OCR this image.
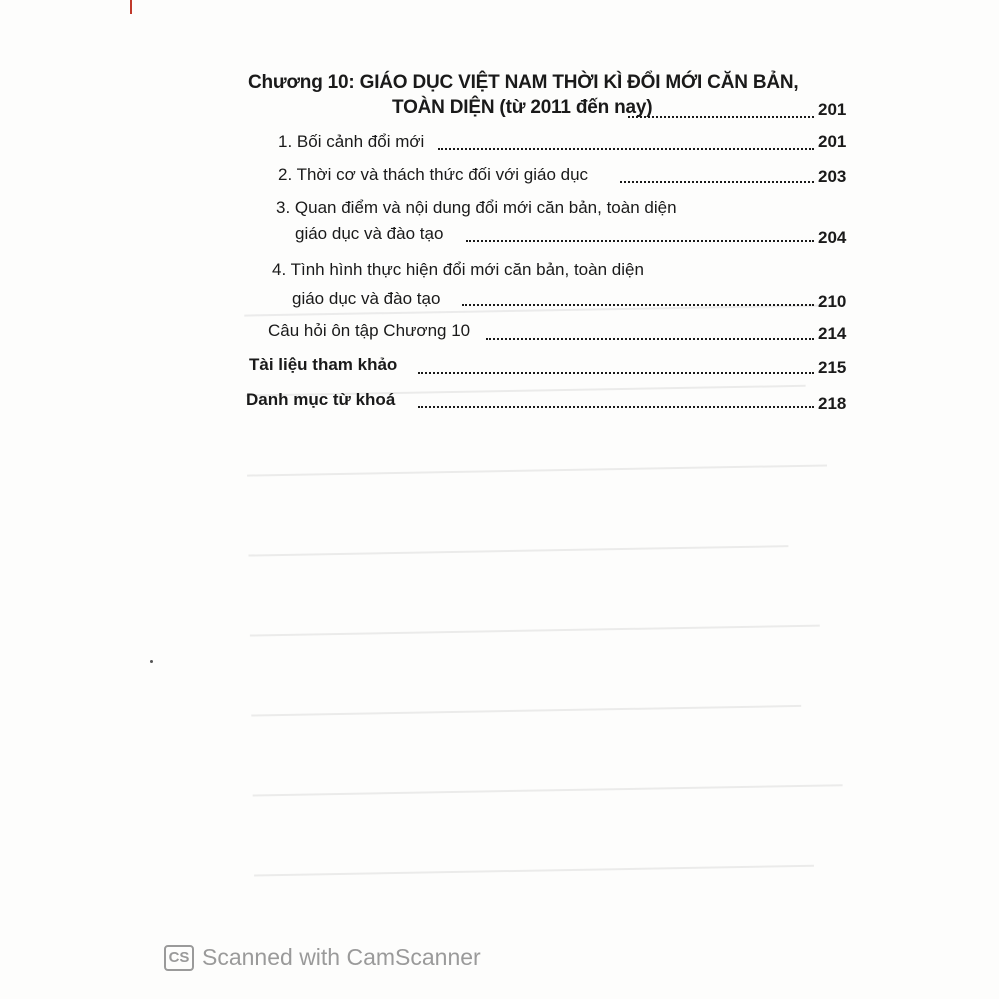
Chương 10: GIÁO DỤC VIỆT NAM THỜI KÌ ĐỔI MỚI CĂN BẢN,
TOÀN DIỆN (từ 2011 đến nay)	201
1. Bối cảnh đổi mới	201
2. Thời cơ và thách thức đối với giáo dục	203
3. Quan điểm và nội dung đổi mới căn bản, toàn diện
giáo dục và đào tạo	204
4. Tình hình thực hiện đổi mới căn bản, toàn diện
giáo dục và đào tạo	210
Câu hỏi ôn tập Chương 10	214
Tài liệu tham khảo	215
Danh mục từ khoá	218
CS Scanned with CamScanner
